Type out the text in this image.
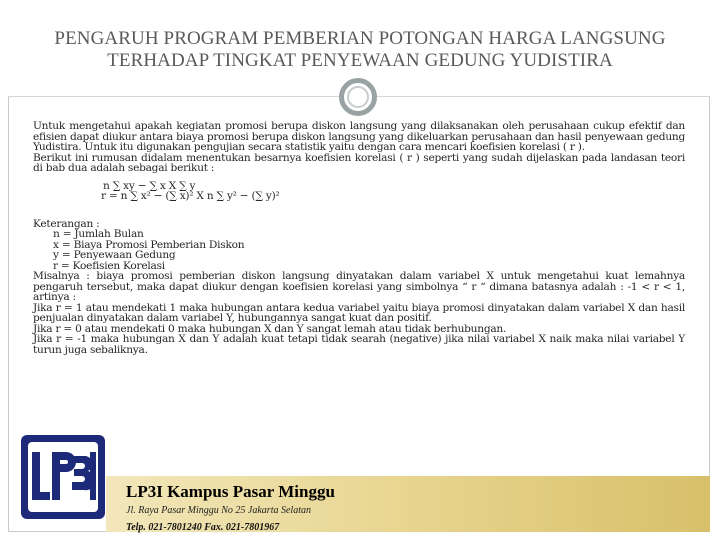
PENGARUH PROGRAM PEMBERIAN POTONGAN HARGA LANGSUNG
TERHADAP TINGKAT PENYEWAAN GEDUNG YUDISTIRA

Untuk mengetahui apakah kegiatan promosi berupa diskon langsung yang dilaksanakan oleh perusahaan cukup efektif dan efisien dapat diukur antara biaya promosi berupa diskon langsung yang dikeluarkan perusahaan dan hasil penyewaan gedung Yudistira. Untuk itu digunakan pengujian secara statistik yaitu dengan cara mencari koefisien korelasi ( r ).

Berikut ini rumusan didalam menentukan besarnya koefisien korelasi ( r ) seperti yang sudah dijelaskan pada landasan teori di bab dua adalah sebagai berikut :

n ∑ xy − ∑ x X ∑ y
r = n ∑ x² − (∑ x)² X n ∑ y² − (∑ y)²

Keterangan :

n = Jumlah Bulan

x = Biaya Promosi Pemberian Diskon

y = Penyewaan Gedung

r = Koefisien Korelasi

Misalnya : biaya promosi pemberian diskon langsung dinyatakan dalam variabel X untuk mengetahui kuat lemahnya pengaruh tersebut, maka dapat diukur dengan koefisien korelasi yang simbolnya “ r “ dimana batasnya adalah : -1 < r < 1, artinya :

Jika r = 1 atau mendekati 1 maka hubungan antara kedua variabel yaitu biaya promosi dinyatakan dalam variabel X dan hasil penjualan dinyatakan dalam variabel Y, hubungannya sangat kuat dan positif.

Jika r = 0 atau mendekati 0 maka hubungan X dan Y sangat lemah atau tidak berhubungan.

Jika r = -1 maka hubungan X dan Y adalah kuat tetapi tidak searah (negative) jika nilai variabel X naik maka nilai variabel Y turun juga sebaliknya.

LP3I Kampus Pasar Minggu
Jl. Raya Pasar Minggu No 25 Jakarta Selatan
Telp. 021-7801240 Fax. 021-7801967
